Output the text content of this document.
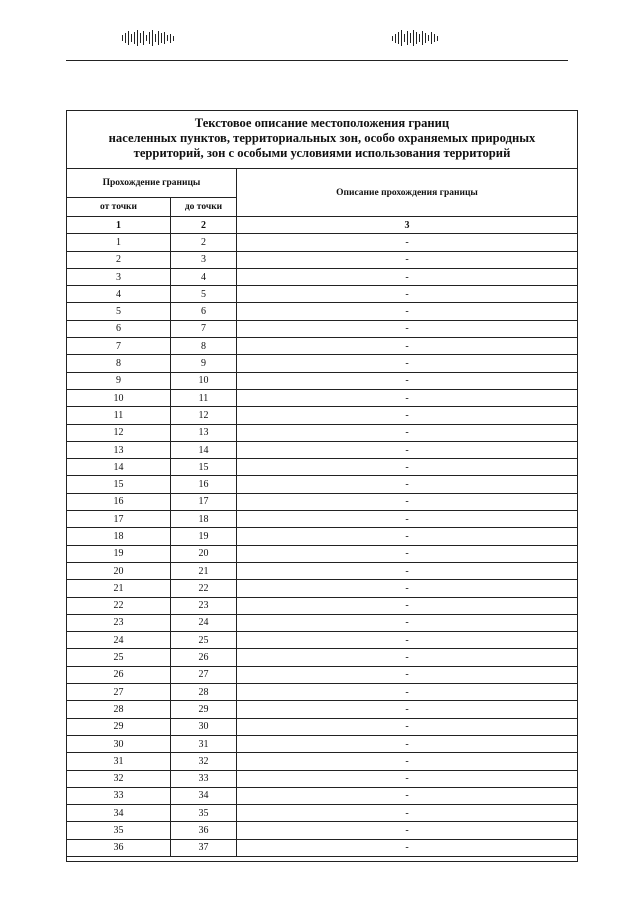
Текстовое описание местоположения границ
населенных пунктов, территориальных зон, особо охраняемых природных
территорий, зон с особыми условиями использования территорий
Прохождение границы
Описание прохождения границы
от точки	до точки
1	2	3
1	2	-
2	3	-
3	4	-
4	5	-
5	6	-
6	7	-
7	8	-
8	9	-
9	10	-
10	11	-
11	12	-
12	13	-
13	14	-
14	15	-
15	16	-
16	17	-
17	18	-
18	19	-
19	20	-
20	21	-
21	22	-
22	23	-
23	24	-
24	25	-
25	26	-
26	27	-
27	28	-
28	29	-
29	30	-
30	31	-
31	32	-
32	33	-
33	34	-
34	35	-
35	36	-
36	37	-
